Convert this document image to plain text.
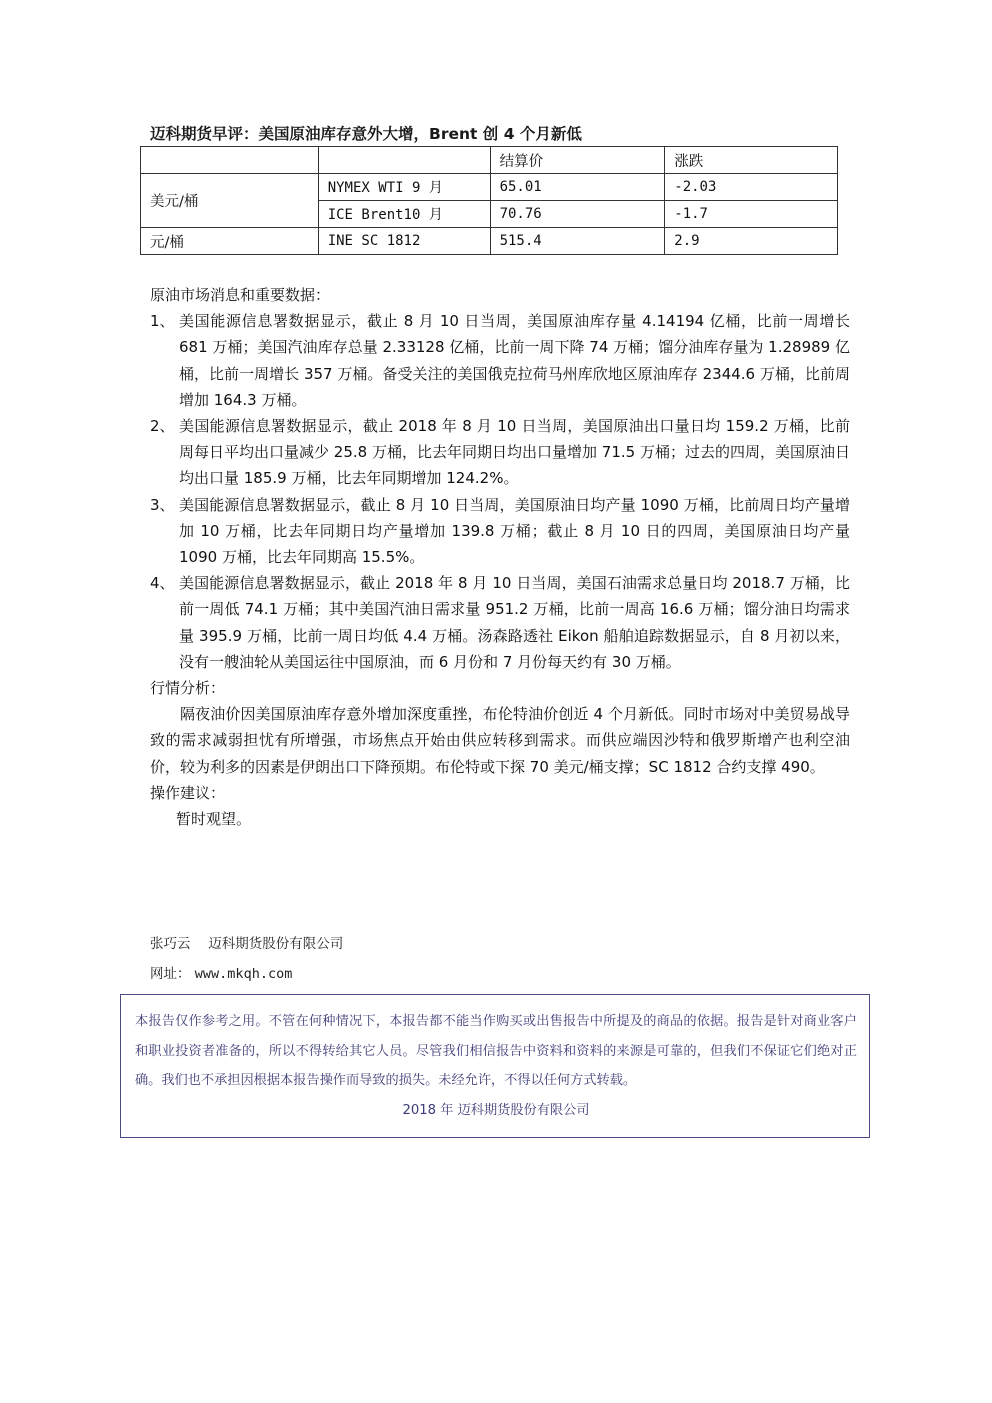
迈科期货早评：美国原油库存意外大增，Brent 创 4 个月新低
		结算价	涨跌
美元/桶	NYMEX WTI 9 月	65.01	-2.03
	ICE Brent10 月	70.76	-1.7
元/桶	INE SC 1812	515.4	2.9

原油市场消息和重要数据：

1、 美国能源信息署数据显示，截止 8 月 10 日当周，美国原油库存量 4.14194 亿桶，比前一周增长 681 万桶；美国汽油库存总量 2.33128 亿桶，比前一周下降 74 万桶；馏分油库存量为 1.28989 亿桶，比前一周增长 357 万桶。备受关注的美国俄克拉荷马州库欣地区原油库存 2344.6 万桶，比前周增加 164.3 万桶。
2、 美国能源信息署数据显示，截止 2018 年 8 月 10 日当周，美国原油出口量日均 159.2 万桶，比前周每日平均出口量减少 25.8 万桶，比去年同期日均出口量增加 71.5 万桶；过去的四周，美国原油日均出口量 185.9 万桶，比去年同期增加 124.2%。
3、 美国能源信息署数据显示，截止 8 月 10 日当周，美国原油日均产量 1090 万桶，比前周日均产量增加 10 万桶，比去年同期日均产量增加 139.8 万桶；截止 8 月 10 日的四周，美国原油日均产量 1090 万桶，比去年同期高 15.5%。
4、 美国能源信息署数据显示，截止 2018 年 8 月 10 日当周，美国石油需求总量日均 2018.7 万桶，比前一周低 74.1 万桶；其中美国汽油日需求量 951.2 万桶，比前一周高 16.6 万桶；馏分油日均需求量 395.9 万桶，比前一周日均低 4.4 万桶。汤森路透社 Eikon 船舶追踪数据显示，自 8 月初以来，没有一艘油轮从美国运往中国原油，而 6 月份和 7 月份每天约有 30 万桶。

行情分析：

隔夜油价因美国原油库存意外增加深度重挫，布伦特油价创近 4 个月新低。同时市场对中美贸易战导致的需求减弱担忧有所增强，市场焦点开始由供应转移到需求。而供应端因沙特和俄罗斯增产也利空油价，较为利多的因素是伊朗出口下降预期。布伦特或下探 70 美元/桶支撑；SC 1812 合约支撑 490。

操作建议：

暂时观望。

张巧云　 迈科期货股份有限公司
网址： www.mkqh.com
本报告仅作参考之用。不管在何种情况下，本报告都不能当作购买或出售报告中所提及的商品的依据。报告是针对商业客户和职业投资者准备的，所以不得转给其它人员。尽管我们相信报告中资料和资料的来源是可靠的，但我们不保证它们绝对正确。我们也不承担因根据本报告操作而导致的损失。未经允许，不得以任何方式转载。
2018 年 迈科期货股份有限公司
